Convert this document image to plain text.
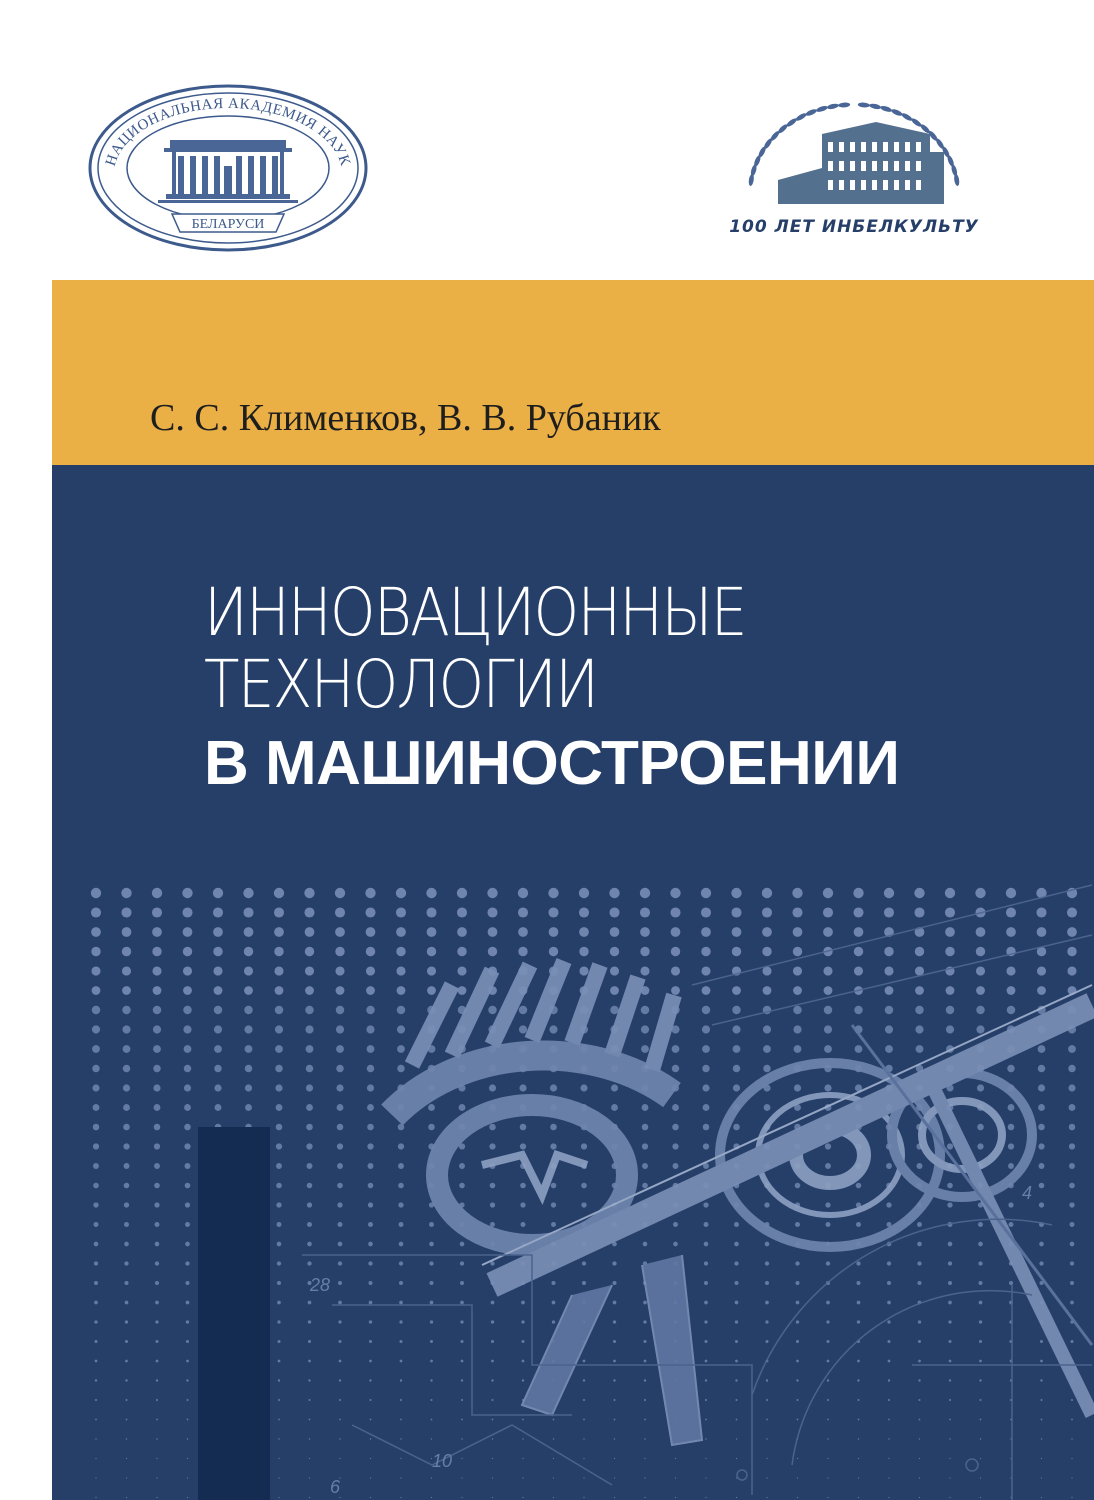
НАЦИОНАЛЬНАЯ АКАДЕМИЯ НАУК
БЕЛАРУСИ	100 ЛЕТ ИНБЕЛКУЛЬТУ
С. С. Клименков, В. В. Рубаник
28
10
6
4
ИННОВАЦИОННЫЕ
ТЕХНОЛОГИИ
В МАШИНОСТРОЕНИИ
